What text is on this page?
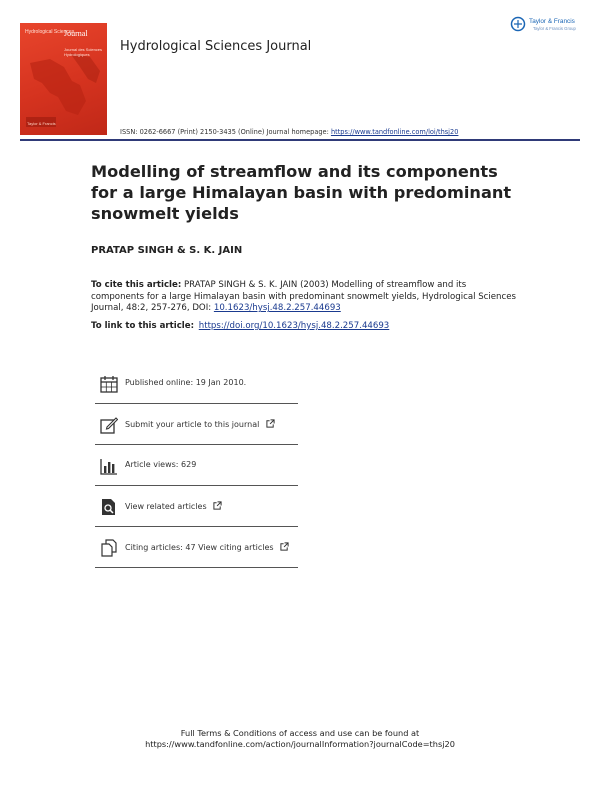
Hydrological Sciences
Journal
Journal des Sciences Hydrologiques
Taylor & Francis
Hydrological Sciences Journal
ISSN: 0262-6667 (Print) 2150-3435 (Online) Journal homepage: https://www.tandfonline.com/loi/thsj20
Taylor & Francis
Taylor & Francis Group
Modelling of streamflow and its components for a large Himalayan basin with predominant snowmelt yields
PRATAP SINGH & S. K. JAIN
To cite this article: PRATAP SINGH & S. K. JAIN (2003) Modelling of streamflow and its components for a large Himalayan basin with predominant snowmelt yields, Hydrological Sciences Journal, 48:2, 257-276, DOI: 10.1623/hysj.48.2.257.44693
To link to this article: https://doi.org/10.1623/hysj.48.2.257.44693
Published online: 19 Jan 2010.
Submit your article to this journal
Article views: 629
View related articles
Citing articles: 47 View citing articles
Full Terms & Conditions of access and use can be found at
https://www.tandfonline.com/action/journalInformation?journalCode=thsj20
